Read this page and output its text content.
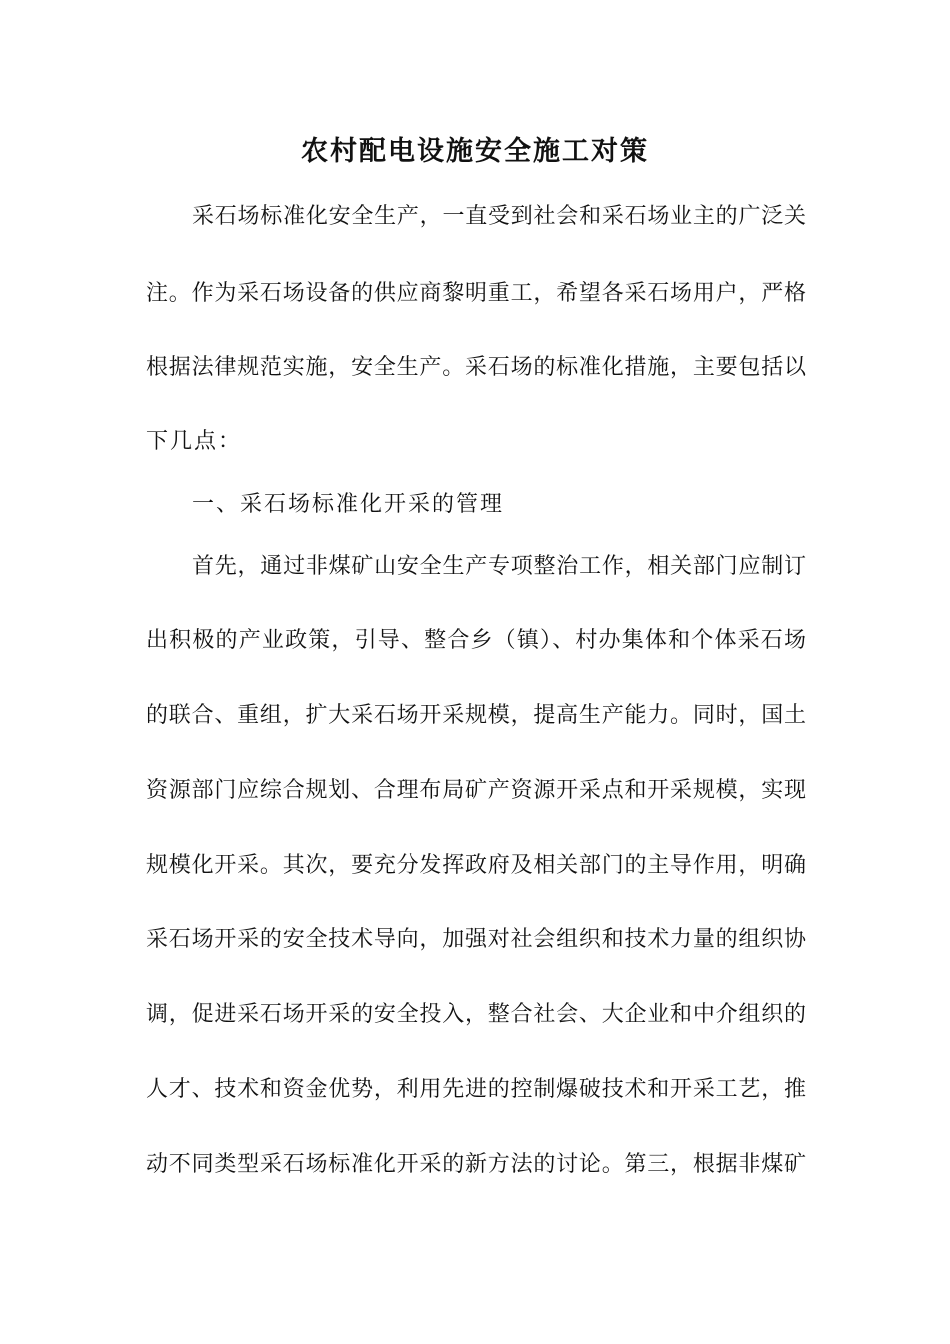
农村配电设施安全施工对策

采石场标准化安全生产，一直受到社会和采石场业主的广泛关

注。作为采石场设备的供应商黎明重工，希望各采石场用户，严格

根据法律规范实施，安全生产。采石场的标准化措施，主要包括以

下几点：

一、采石场标准化开采的管理

首先，通过非煤矿山安全生产专项整治工作，相关部门应制订

出积极的产业政策，引导、整合乡（镇）、村办集体和个体采石场

的联合、重组，扩大采石场开采规模，提高生产能力。同时，国土

资源部门应综合规划、合理布局矿产资源开采点和开采规模，实现

规模化开采。其次，要充分发挥政府及相关部门的主导作用，明确

采石场开采的安全技术导向，加强对社会组织和技术力量的组织协

调，促进采石场开采的安全投入，整合社会、大企业和中介组织的

人才、技术和资金优势，利用先进的控制爆破技术和开采工艺，推

动不同类型采石场标准化开采的新方法的讨论。第三，根据非煤矿
